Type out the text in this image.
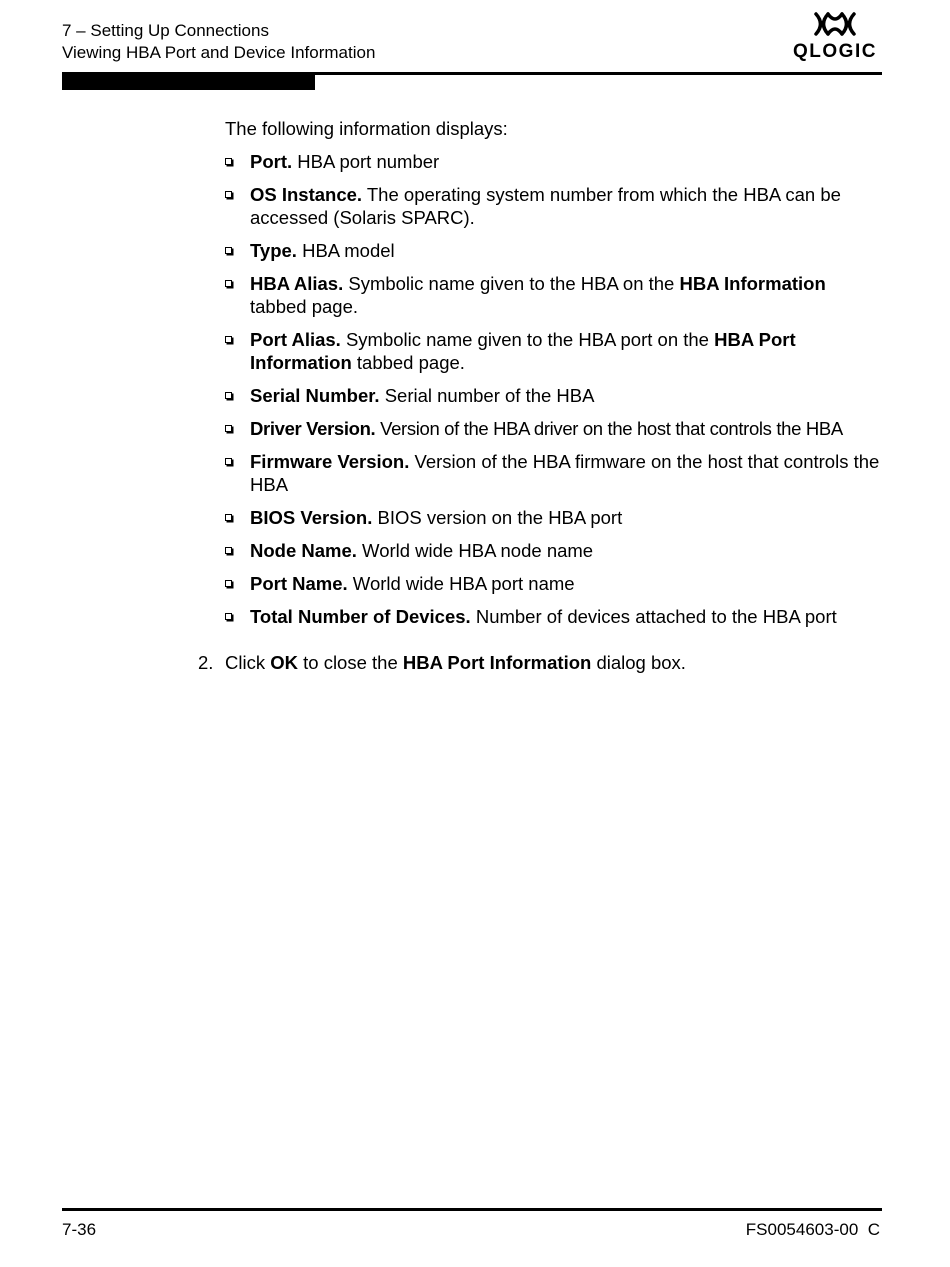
7 – Setting Up Connections
Viewing HBA Port and Device Information	QLOGIC

The following information displays:

Port. HBA port number
OS Instance. The operating system number from which the HBA can be accessed (Solaris SPARC).
Type. HBA model
HBA Alias. Symbolic name given to the HBA on the HBA Information tabbed page.
Port Alias. Symbolic name given to the HBA port on the HBA Port Information tabbed page.
Serial Number. Serial number of the HBA
Driver Version. Version of the HBA driver on the host that controls the HBA
Firmware Version. Version of the HBA firmware on the host that controls the HBA
BIOS Version. BIOS version on the HBA port
Node Name. World wide HBA node name
Port Name. World wide HBA port name
Total Number of Devices. Number of devices attached to the HBA port
2. Click OK to close the HBA Port Information dialog box.
7-36	FS0054603-00  C
